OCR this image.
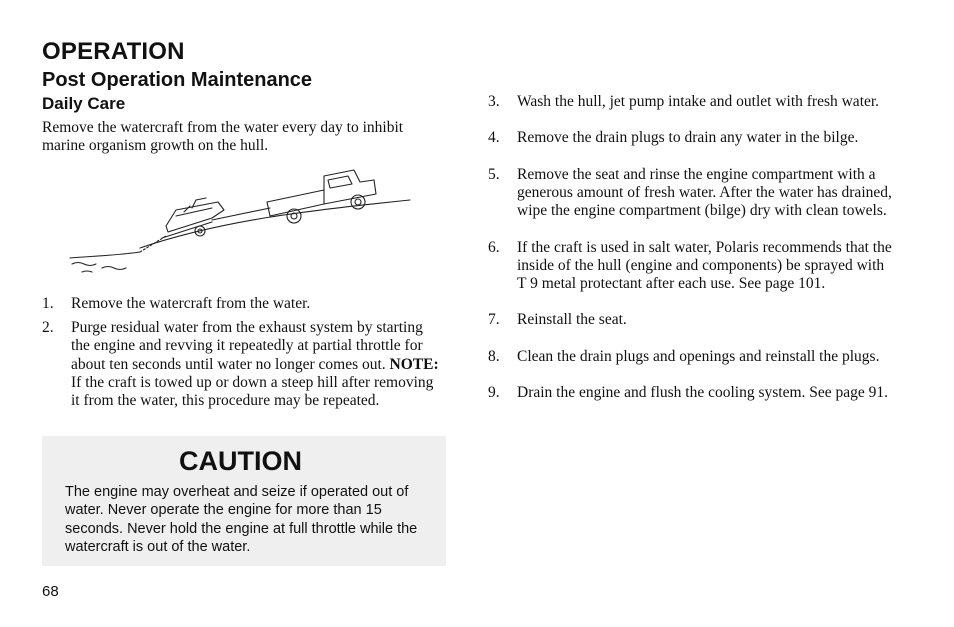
OPERATION
Post Operation Maintenance
Daily Care
Remove the watercraft from the water every day to inhibit marine organism growth on the hull.
1. Remove the watercraft from the water.
2. Purge residual water from the exhaust system by starting the engine and revving it repeatedly at partial throttle for about ten seconds until water no longer comes out. NOTE: If the craft is towed up or down a steep hill after removing it from the water, this procedure may be repeated.
CAUTION
The engine may overheat and seize if operated out of water. Never operate the engine for more than 15 seconds. Never hold the engine at full throttle while the watercraft is out of the water.
3. Wash the hull, jet pump intake and outlet with fresh water.
4. Remove the drain plugs to drain any water in the bilge.
5. Remove the seat and rinse the engine compartment with a generous amount of fresh water. After the water has drained, wipe the engine compartment (bilge) dry with clean towels.
6. If the craft is used in salt water, Polaris recommends that the inside of the hull (engine and components) be sprayed with T 9 metal protectant after each use. See page 101.
7. Reinstall the seat.
8. Clean the drain plugs and openings and reinstall the plugs.
9. Drain the engine and flush the cooling system. See page 91.
68
